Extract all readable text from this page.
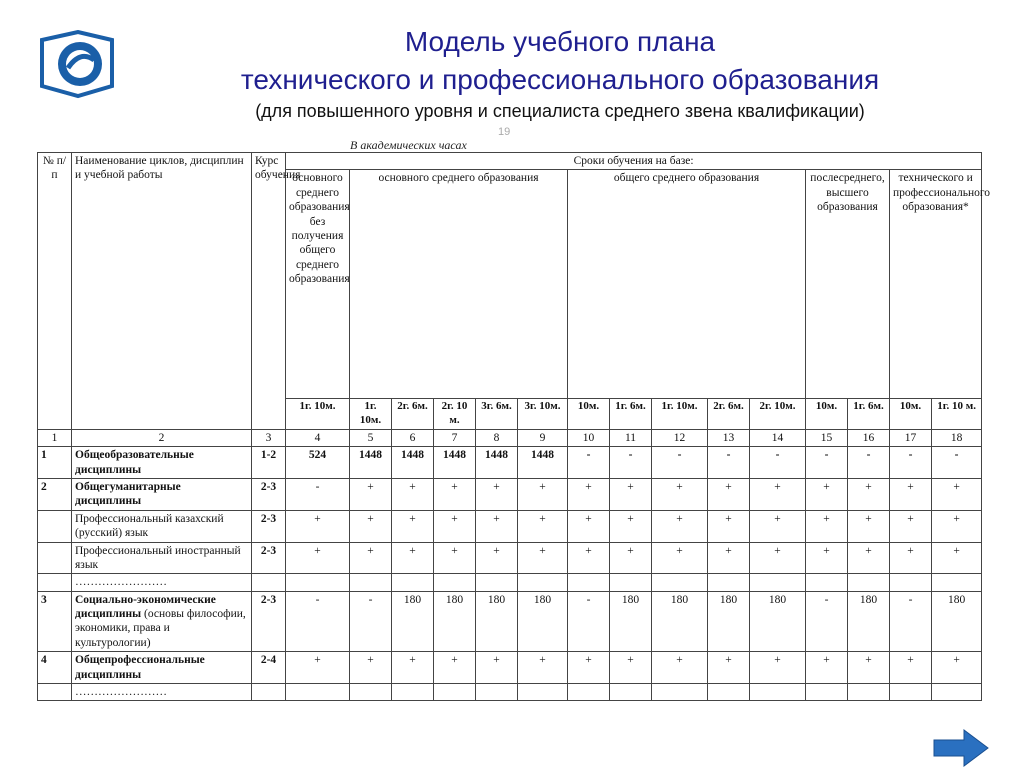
Модель учебного плана
технического и профессионального образования
(для повышенного уровня и специалиста среднего звена квалификации)
19
В академических часах
№ п/п	Наименование циклов, дисциплин и учебной работы	Курс обучения	Сроки обучения на базе:														
			основного среднего образования без получения общего среднего образования	основного среднего образования					общего среднего образования					послесреднего, высшего образования		технического и профессионального образования*	
			1г. 10м.	1г. 10м.	2г. 6м.	2г. 10 м.	3г. 6м.	3г. 10м.	10м.	1г. 6м.	1г. 10м.	2г. 6м.	2г. 10м.	10м.	1г. 6м.	10м.	1г. 10 м.
1	2	3	4	5	6	7	8	9	10	11	12	13	14	15	16	17	18
1	Общеобразовательные дисциплины	1-2	524	1448	1448	1448	1448	1448	-	-	-	-	-	-	-	-	-
2	Общегуманитарные дисциплины	2-3	-	+	+	+	+	+	+	+	+	+	+	+	+	+	+
	Профессиональный казахский (русский) язык	2-3	+	+	+	+	+	+	+	+	+	+	+	+	+	+	+
	Профессиональный иностранный язык	2-3	+	+	+	+	+	+	+	+	+	+	+	+	+	+	+
	……………………																
3	Социально-экономические дисциплины (основы философии, экономики, права и культурологии)	2-3	-	-	180	180	180	180	-	180	180	180	180	-	180	-	180
4	Общепрофессиональные дисциплины	2-4	+	+	+	+	+	+	+	+	+	+	+	+	+	+	+
	……………………																
